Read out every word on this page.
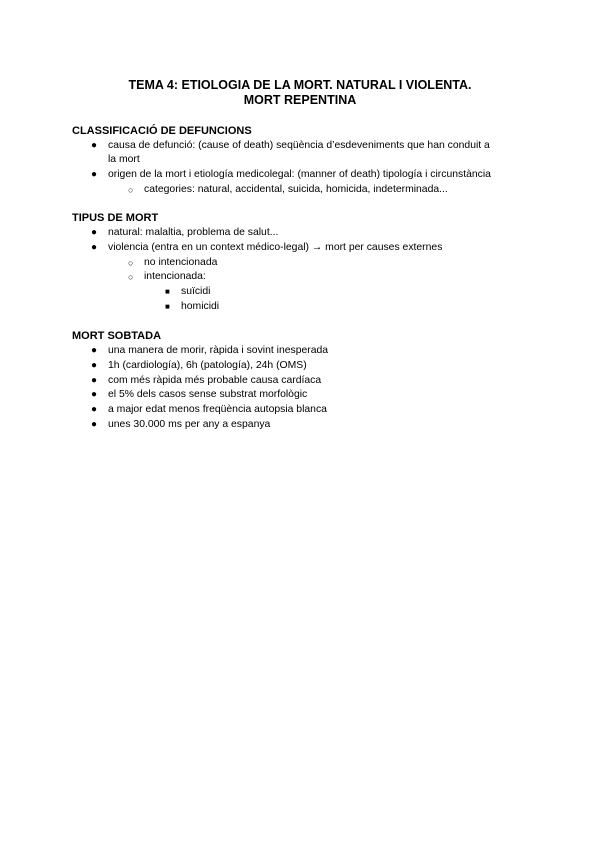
TEMA 4: ETIOLOGIA DE LA MORT. NATURAL I VIOLENTA.
MORT REPENTINA
CLASSIFICACIÓ DE DEFUNCIONS
● causa de defunció: (cause of death) seqüència d’esdeveniments que han conduit a

la mort

● origen de la mort i etiología medicolegal: (manner of death) tipología i circunstància

○ categories: natural, accidental, suicida, homicida, indeterminada...

TIPUS DE MORT
● natural: malaltia, problema de salut...

● violencia (entra en un context médico-legal) → mort per causes externes

○ no intencionada

○ intencionada:

■ suïcidi

■ homicidi

MORT SOBTADA
● una manera de morir, ràpida i sovint inesperada

● 1h (cardiología), 6h (patología), 24h (OMS)

● com més ràpida més probable causa cardíaca

● el 5% dels casos sense substrat morfològic

● a major edat menos freqüència autopsia blanca

● unes 30.000 ms per any a espanya
